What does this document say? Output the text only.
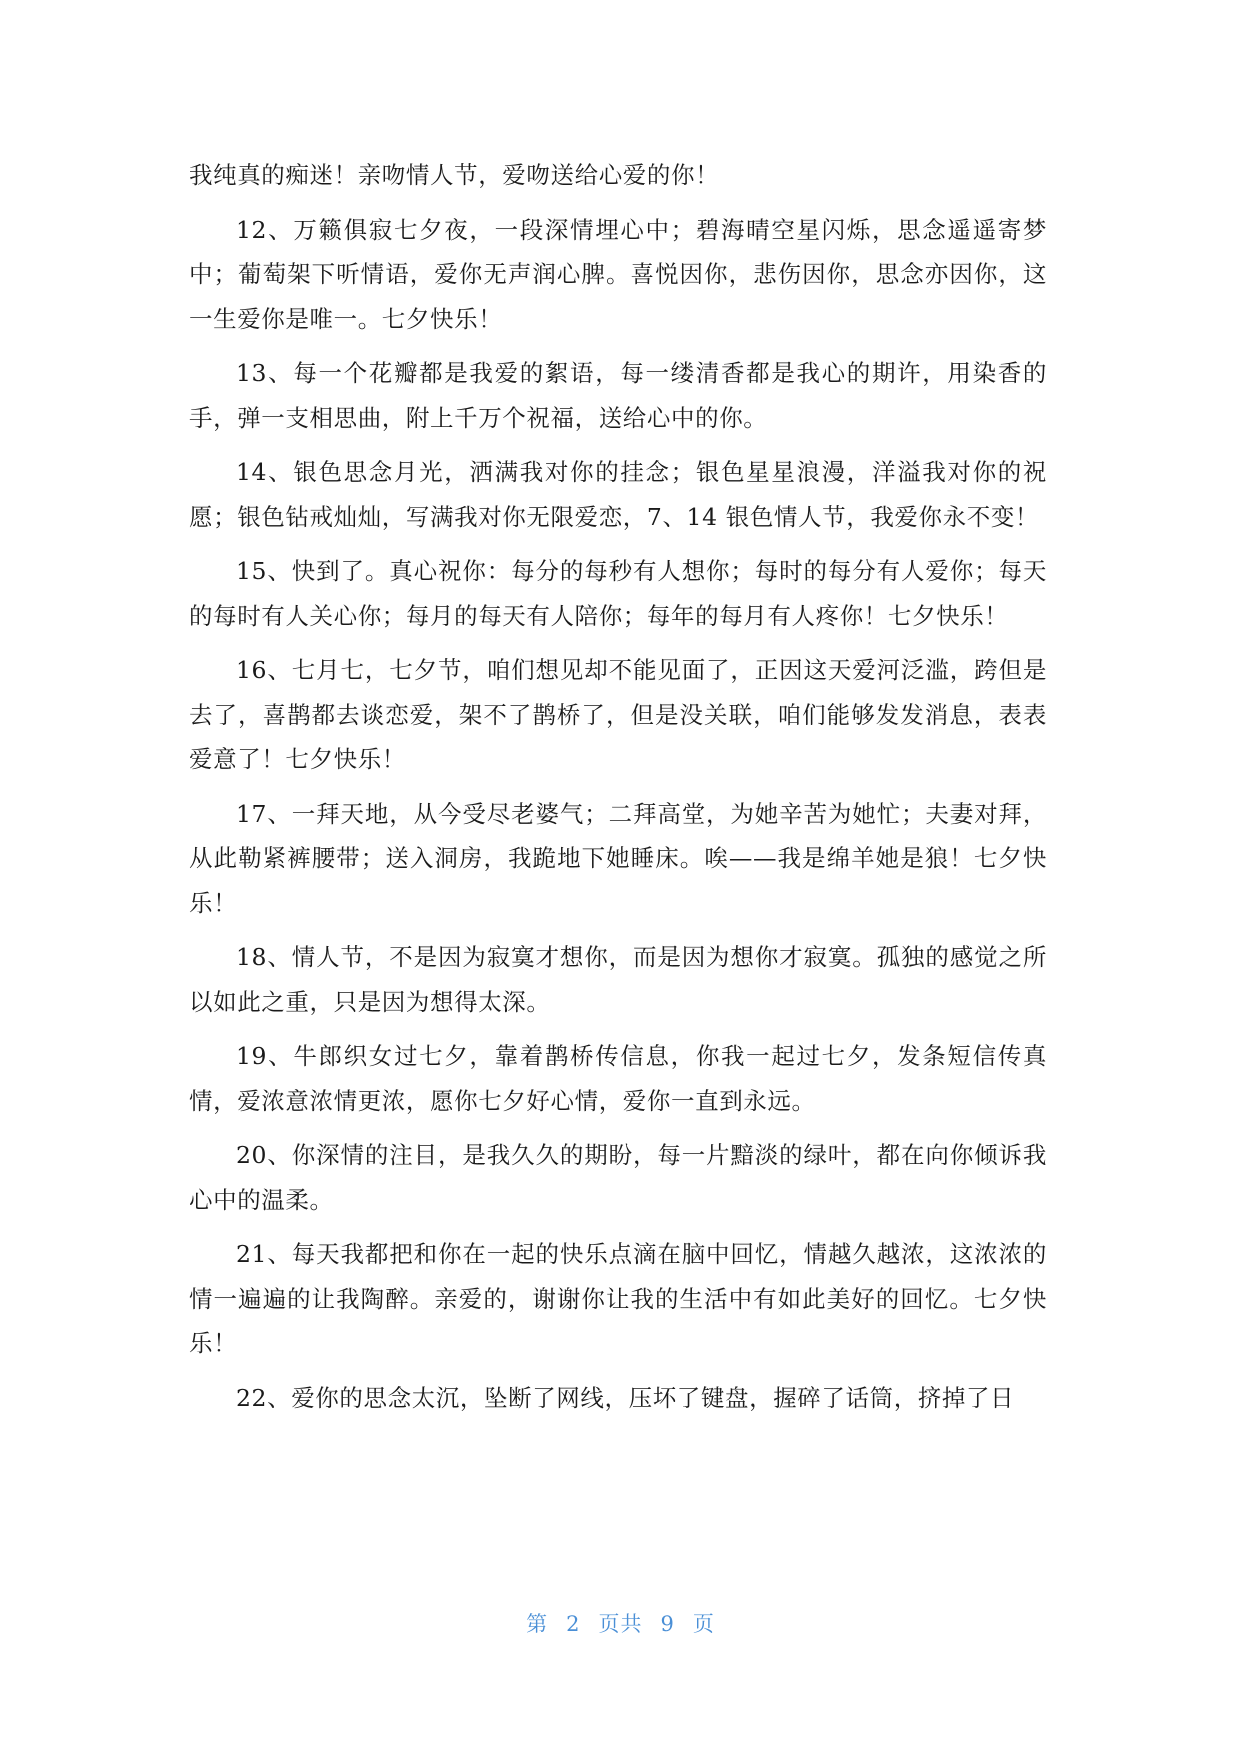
我纯真的痴迷！亲吻情人节，爱吻送给心爱的你！

12、万籁俱寂七夕夜，一段深情埋心中；碧海晴空星闪烁，思念遥遥寄梦中；葡萄架下听情语，爱你无声润心脾。喜悦因你，悲伤因你，思念亦因你，这一生爱你是唯一。七夕快乐！

13、每一个花瓣都是我爱的絮语，每一缕清香都是我心的期许，用染香的手，弹一支相思曲，附上千万个祝福，送给心中的你。

14、银色思念月光，洒满我对你的挂念；银色星星浪漫，洋溢我对你的祝愿；银色钻戒灿灿，写满我对你无限爱恋，7、14 银色情人节，我爱你永不变！

15、快到了。真心祝你：每分的每秒有人想你；每时的每分有人爱你；每天的每时有人关心你；每月的每天有人陪你；每年的每月有人疼你！七夕快乐！

16、七月七，七夕节，咱们想见却不能见面了，正因这天爱河泛滥，跨但是去了，喜鹊都去谈恋爱，架不了鹊桥了，但是没关联，咱们能够发发消息，表表爱意了！七夕快乐！

17、一拜天地，从今受尽老婆气；二拜高堂，为她辛苦为她忙；夫妻对拜，从此勒紧裤腰带；送入洞房，我跪地下她睡床。唉——我是绵羊她是狼！七夕快乐！

18、情人节，不是因为寂寞才想你，而是因为想你才寂寞。孤独的感觉之所以如此之重，只是因为想得太深。

19、牛郎织女过七夕，靠着鹊桥传信息，你我一起过七夕，发条短信传真情，爱浓意浓情更浓，愿你七夕好心情，爱你一直到永远。

20、你深情的注目，是我久久的期盼，每一片黯淡的绿叶，都在向你倾诉我心中的温柔。

21、每天我都把和你在一起的快乐点滴在脑中回忆，情越久越浓，这浓浓的情一遍遍的让我陶醉。亲爱的，谢谢你让我的生活中有如此美好的回忆。七夕快乐！

22、爱你的思念太沉，坠断了网线，压坏了键盘，握碎了话筒，挤掉了日

第 2 页共 9 页
